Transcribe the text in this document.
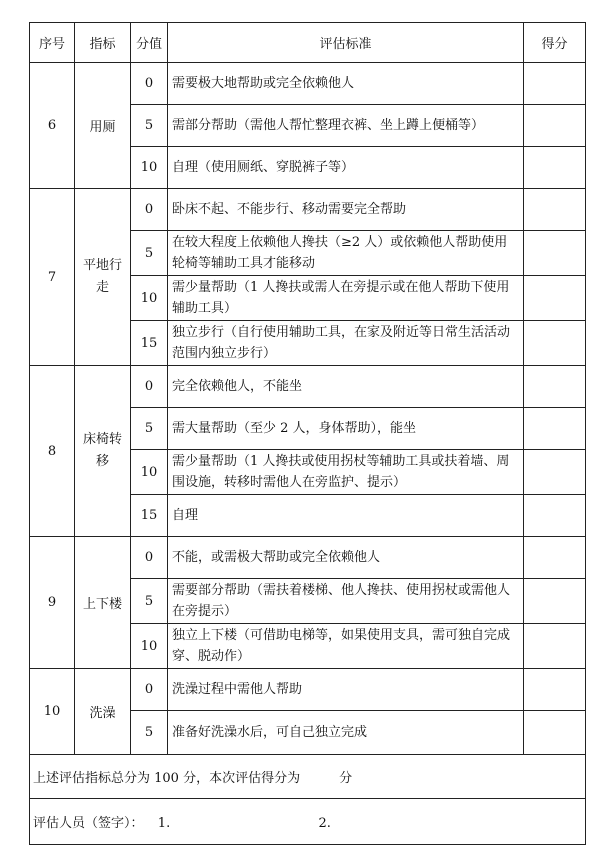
序号	指标	分值	评估标准	得分
6	用厕	0	需要极大地帮助或完全依赖他人	
		5	需部分帮助（需他人帮忙整理衣裤、坐上蹲上便桶等）	
		10	自理（使用厕纸、穿脱裤子等）	
7	平地行走	0	卧床不起、不能步行、移动需要完全帮助	
		5	在较大程度上依赖他人搀扶（≥2 人）或依赖他人帮助使用轮椅等辅助工具才能移动	
		10	需少量帮助（1 人搀扶或需人在旁提示或在他人帮助下使用辅助工具）	
		15	独立步行（自行使用辅助工具，在家及附近等日常生活活动范围内独立步行）	
8	床椅转移	0	完全依赖他人，不能坐	
		5	需大量帮助（至少 2 人，身体帮助），能坐	
		10	需少量帮助（1 人搀扶或使用拐杖等辅助工具或扶着墙、周围设施，转移时需他人在旁监护、提示）	
		15	自理	
9	上下楼	0	不能，或需极大帮助或完全依赖他人	
		5	需要部分帮助（需扶着楼梯、他人搀扶、使用拐杖或需他人在旁提示）	
		10	独立上下楼（可借助电梯等，如果使用支具，需可独自完成穿、脱动作）	
10	洗澡	0	洗澡过程中需他人帮助	
		5	准备好洗澡水后，可自己独立完成	
上述评估指标总分为 100 分，本次评估得分为　　　分				
评估人员（签字）： 1. 2.				
